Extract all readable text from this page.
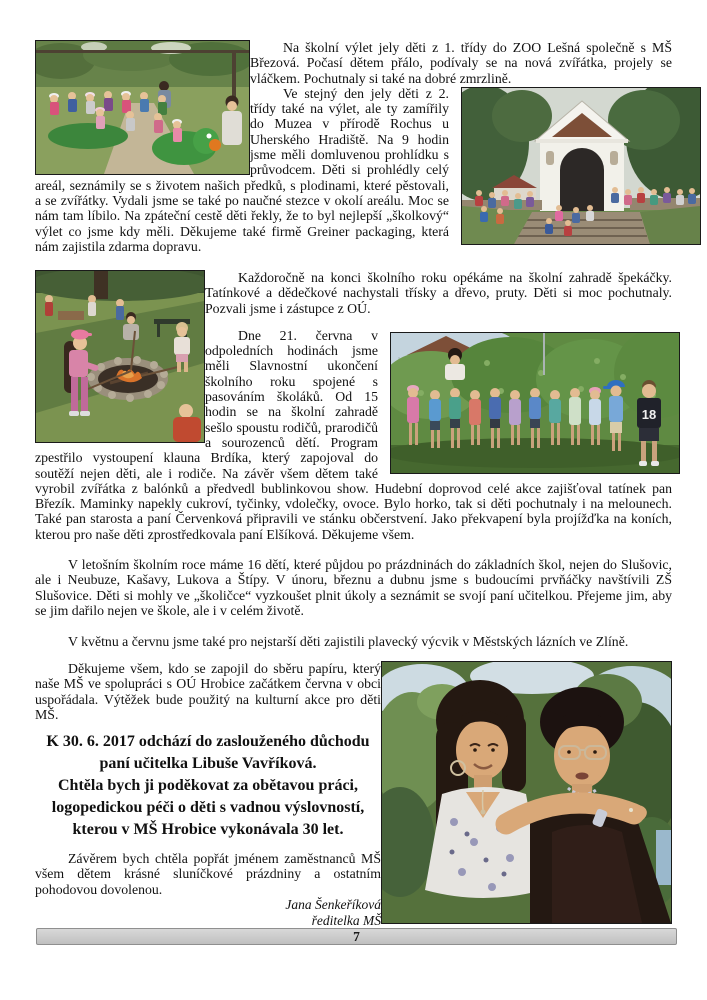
Na školní výlet jely děti z 1. třídy do ZOO Lešná společně s MŠ Březová. Počasí dětem přálo, podívaly se na nová zvířátka, projely se vláčkem. Pochutnaly si také na dobré zmrzlině.

Ve stejný den jely děti z 2. třídy také na výlet, ale ty zamířily do Muzea v přírodě Rochus u Uherského Hradiště. Na 9 hodin jsme měli domluvenou prohlídku s průvodcem. Děti si prohlédly celý areál, seznámily se s životem našich předků, s plodinami, které pěstovali, a se zvířátky. Vydali jsme se také po naučné stezce v okolí areálu. Moc se nám tam líbilo. Na zpáteční cestě děti řekly, že to byl nejlepší „školkový“ výlet co jsme kdy měli. Děkujeme také firmě Greiner packaging, která nám zajistila zdarma dopravu.

Každoročně na konci školního roku opékáme na školní zahradě špekáčky. Tatínkové a dědečkové nachystali třísky a dřevo, pruty. Děti si moc pochutnaly. Pozvali jsme i zástupce z OÚ.

18
Dne 21. června v odpoledních hodinách jsme měli Slavnostní ukončení školního roku spojené s pasováním školáků. Od 15 hodin se na školní zahradě sešlo spoustu rodičů, prarodičů a sourozenců dětí. Program zpestřilo vystoupení klauna Brdíka, který zapojoval do soutěží nejen děti, ale i rodiče. Na závěr všem dětem také vyrobil zvířátka z balónků a předvedl bublinkovou show. Hudební doprovod celé akce zajišťoval tatínek pan Březík. Maminky napekly cukroví, tyčinky, vdolečky, ovoce. Bylo horko, tak si děti pochutnaly i na melounech. Také pan starosta a paní Červenková připravili ve stánku občerstvení. Jako překvapení byla projížďka na koních, kterou pro naše děti zprostředkovala paní Elšíková. Děkujeme všem.

V letošním školním roce máme 16 dětí, které půjdou po prázdninách do základních škol, nejen do Slušovic, ale i Neubuze, Kašavy, Lukova a Štípy. V únoru, březnu a dubnu jsme s budoucími prvňáčky navštívili ZŠ Slušovice. Děti si mohly ve „školičce“ vyzkoušet plnit úkoly a seznámit se svojí paní učitelkou. Přejeme jim, aby se jim dařilo nejen ve škole, ale i v celém životě.

V květnu a červnu jsme také pro nejstarší děti zajistili plavecký výcvik v Městských lázních ve Zlíně.

Děkujeme všem, kdo se zapojil do sběru papíru, který naše MŠ ve spolupráci s OÚ Hrobice začátkem června v obci uspořádala. Výtěžek bude použitý na kulturní akce pro děti MŠ.

K 30. 6. 2017 odchází do zaslouženého důchodu paní učitelka Libuše Vavříková.

Chtěla bych ji poděkovat za obětavou práci, logopedickou péči o děti s vadnou výslovností, kterou v MŠ Hrobice vykonávala 30 let.

Závěrem bych chtěla popřát jménem zaměstnanců MŠ všem dětem krásné sluníčkové prázdniny a ostatním pohodovou dovolenou.

Jana Šenkeříková
ředitelka MŠ
7
